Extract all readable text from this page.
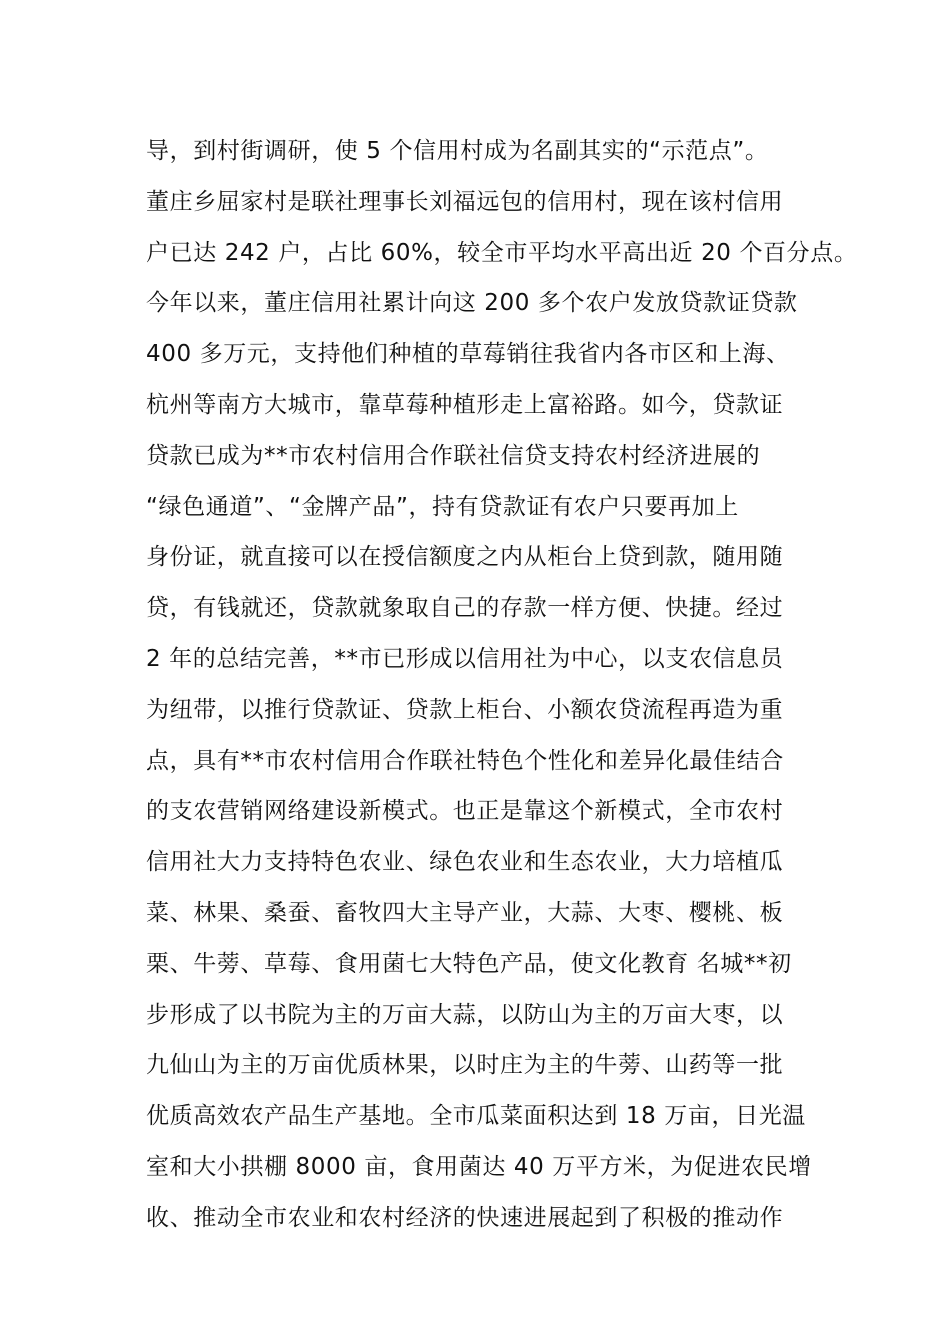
导，到村街调研，使 5 个信用村成为名副其实的“示范点”。
董庄乡屈家村是联社理事长刘福远包的信用村，现在该村信用
户已达 242 户，占比 60%，较全市平均水平高出近 20 个百分点。
今年以来，董庄信用社累计向这 200 多个农户发放贷款证贷款
400 多万元，支持他们种植的草莓销往我省内各市区和上海、
杭州等南方大城市，靠草莓种植形走上富裕路。如今，贷款证
贷款已成为**市农村信用合作联社信贷支持农村经济进展的
“绿色通道”、“金牌产品”，持有贷款证有农户只要再加上
身份证，就直接可以在授信额度之内从柜台上贷到款，随用随
贷，有钱就还，贷款就象取自己的存款一样方便、快捷。经过
2 年的总结完善，**市已形成以信用社为中心，以支农信息员
为纽带，以推行贷款证、贷款上柜台、小额农贷流程再造为重
点，具有**市农村信用合作联社特色个性化和差异化最佳结合
的支农营销网络建设新模式。也正是靠这个新模式，全市农村
信用社大力支持特色农业、绿色农业和生态农业，大力培植瓜
菜、林果、桑蚕、畜牧四大主导产业，大蒜、大枣、樱桃、板
栗、牛蒡、草莓、食用菌七大特色产品，使文化教育 名城**初
步形成了以书院为主的万亩大蒜，以防山为主的万亩大枣，以
九仙山为主的万亩优质林果，以时庄为主的牛蒡、山药等一批
优质高效农产品生产基地。全市瓜菜面积达到 18 万亩，日光温
室和大小拱棚 8000 亩，食用菌达 40 万平方米，为促进农民增
收、推动全市农业和农村经济的快速进展起到了积极的推动作
